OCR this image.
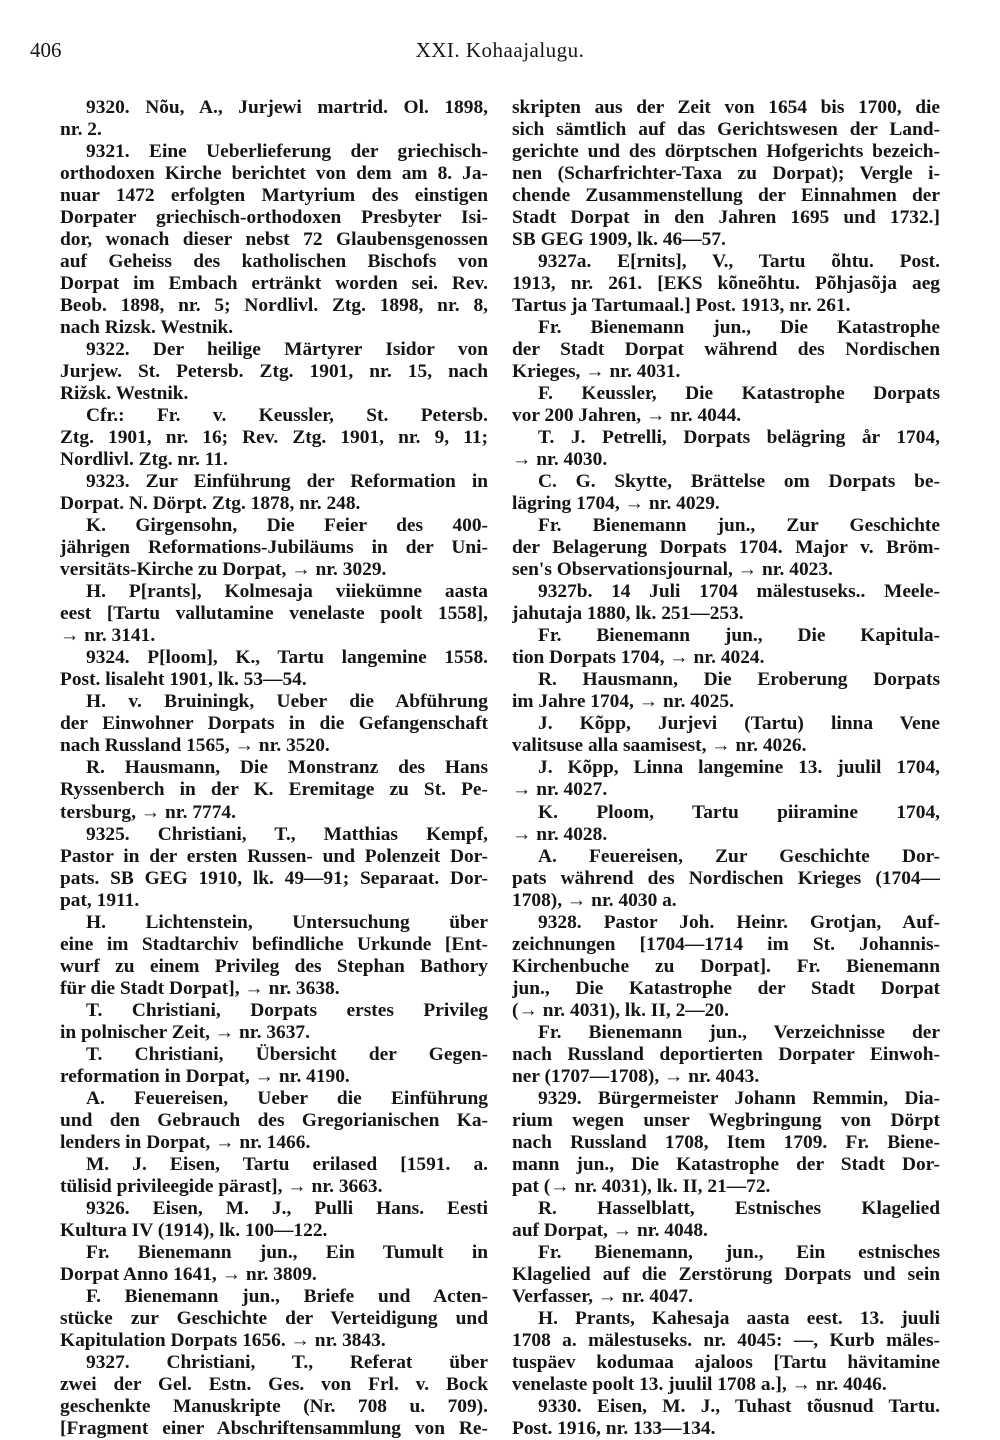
406	XXI. Kohaajalugu.
9320. Nõu, A., Jurjewi martrid. Ol. 1898,
nr. 2.
9321. Eine Ueberlieferung der griechisch-
orthodoxen Kirche berichtet von dem am 8. Ja-
nuar 1472 erfolgten Martyrium des einstigen
Dorpater griechisch-orthodoxen Presbyter Isi-
dor, wonach dieser nebst 72 Glaubensgenossen
auf Geheiss des katholischen Bischofs von
Dorpat im Embach ertränkt worden sei. Rev.
Beob. 1898, nr. 5; Nordlivl. Ztg. 1898, nr. 8,
nach Rizsk. Westnik.
9322. Der heilige Märtyrer Isidor von
Jurjew. St. Petersb. Ztg. 1901, nr. 15, nach
Rižsk. Westnik.
Cfr.: Fr. v. Keussler, St. Petersb.
Ztg. 1901, nr. 16; Rev. Ztg. 1901, nr. 9, 11;
Nordlivl. Ztg. nr. 11.
9323. Zur Einführung der Reformation in
Dorpat. N. Dörpt. Ztg. 1878, nr. 248.
K. Girgensohn, Die Feier des 400-
jährigen Reformations-Jubiläums in der Uni-
versitäts-Kirche zu Dorpat, → nr. 3029.
H. P[rants], Kolmesaja viiekümne aasta
eest [Tartu vallutamine venelaste poolt 1558],
→ nr. 3141.
9324. P[loom], K., Tartu langemine 1558.
Post. lisaleht 1901, lk. 53—54.
H. v. Bruiningk, Ueber die Abführung
der Einwohner Dorpats in die Gefangenschaft
nach Russland 1565, → nr. 3520.
R. Hausmann, Die Monstranz des Hans
Ryssenberch in der K. Eremitage zu St. Pe-
tersburg, → nr. 7774.
9325. Christiani, T., Matthias Kempf,
Pastor in der ersten Russen- und Polenzeit Dor-
pats. SB GEG 1910, lk. 49—91; Separaat. Dor-
pat, 1911.
H. Lichtenstein, Untersuchung über
eine im Stadtarchiv befindliche Urkunde [Ent-
wurf zu einem Privileg des Stephan Bathory
für die Stadt Dorpat], → nr. 3638.
T. Christiani, Dorpats erstes Privileg
in polnischer Zeit, → nr. 3637.
T. Christiani, Übersicht der Gegen-
reformation in Dorpat, → nr. 4190.
A. Feuereisen, Ueber die Einführung
und den Gebrauch des Gregorianischen Ka-
lenders in Dorpat, → nr. 1466.
M. J. Eisen, Tartu erilased [1591. a.
tülisid privileegide pärast], → nr. 3663.
9326. Eisen, M. J., Pulli Hans. Eesti
Kultura IV (1914), lk. 100—122.
Fr. Bienemann jun., Ein Tumult in
Dorpat Anno 1641, → nr. 3809.
F. Bienemann jun., Briefe und Acten-
stücke zur Geschichte der Verteidigung und
Kapitulation Dorpats 1656. → nr. 3843.
9327. Christiani, T., Referat über
zwei der Gel. Estn. Ges. von Frl. v. Bock
geschenkte Manuskripte (Nr. 708 u. 709).
[Fragment einer Abschriftensammlung von Re-
skripten aus der Zeit von 1654 bis 1700, die
sich sämtlich auf das Gerichtswesen der Land-
gerichte und des dörptschen Hofgerichts bezeich-
nen (Scharfrichter-Taxa zu Dorpat); Vergle i-
chende Zusammenstellung der Einnahmen der
Stadt Dorpat in den Jahren 1695 und 1732.]
SB GEG 1909, lk. 46—57.
9327a. E[rnits], V., Tartu õhtu. Post.
1913, nr. 261. [EKS kõneõhtu. Põhjasõja aeg
Tartus ja Tartumaal.] Post. 1913, nr. 261.
Fr. Bienemann jun., Die Katastrophe
der Stadt Dorpat während des Nordischen
Krieges, → nr. 4031.
F. Keussler, Die Katastrophe Dorpats
vor 200 Jahren, → nr. 4044.
T. J. Petrelli, Dorpats belägring år 1704,
→ nr. 4030.
C. G. Skytte, Brättelse om Dorpats be-
lägring 1704, → nr. 4029.
Fr. Bienemann jun., Zur Geschichte
der Belagerung Dorpats 1704. Major v. Bröm-
sen's Observationsjournal, → nr. 4023.
9327b. 14 Juli 1704 mälestuseks.. Meele-
jahutaja 1880, lk. 251—253.
Fr. Bienemann jun., Die Kapitula-
tion Dorpats 1704, → nr. 4024.
R. Hausmann, Die Eroberung Dorpats
im Jahre 1704, → nr. 4025.
J. Kõpp, Jurjevi (Tartu) linna Vene
valitsuse alla saamisest, → nr. 4026.
J. Kõpp, Linna langemine 13. juulil 1704,
→ nr. 4027.
K. Ploom, Tartu piiramine 1704,
→ nr. 4028.
A. Feuereisen, Zur Geschichte Dor-
pats während des Nordischen Krieges (1704—
1708), → nr. 4030 a.
9328. Pastor Joh. Heinr. Grotjan, Auf-
zeichnungen [1704—1714 im St. Johannis-
Kirchenbuche zu Dorpat]. Fr. Bienemann
jun., Die Katastrophe der Stadt Dorpat
(→ nr. 4031), lk. II, 2—20.
Fr. Bienemann jun., Verzeichnisse der
nach Russland deportierten Dorpater Einwoh-
ner (1707—1708), → nr. 4043.
9329. Bürgermeister Johann Remmin, Dia-
rium wegen unser Wegbringung von Dörpt
nach Russland 1708, Item 1709. Fr. Biene-
mann jun., Die Katastrophe der Stadt Dor-
pat (→ nr. 4031), lk. II, 21—72.
R. Hasselblatt, Estnisches Klagelied
auf Dorpat, → nr. 4048.
Fr. Bienemann, jun., Ein estnisches
Klagelied auf die Zerstörung Dorpats und sein
Verfasser, → nr. 4047.
H. Prants, Kahesaja aasta eest. 13. juuli
1708 a. mälestuseks. nr. 4045: —, Kurb mäles-
tuspäev kodumaa ajaloos [Tartu hävitamine
venelaste poolt 13. juulil 1708 a.], → nr. 4046.
9330. Eisen, M. J., Tuhast tõusnud Tartu.
Post. 1916, nr. 133—134.
